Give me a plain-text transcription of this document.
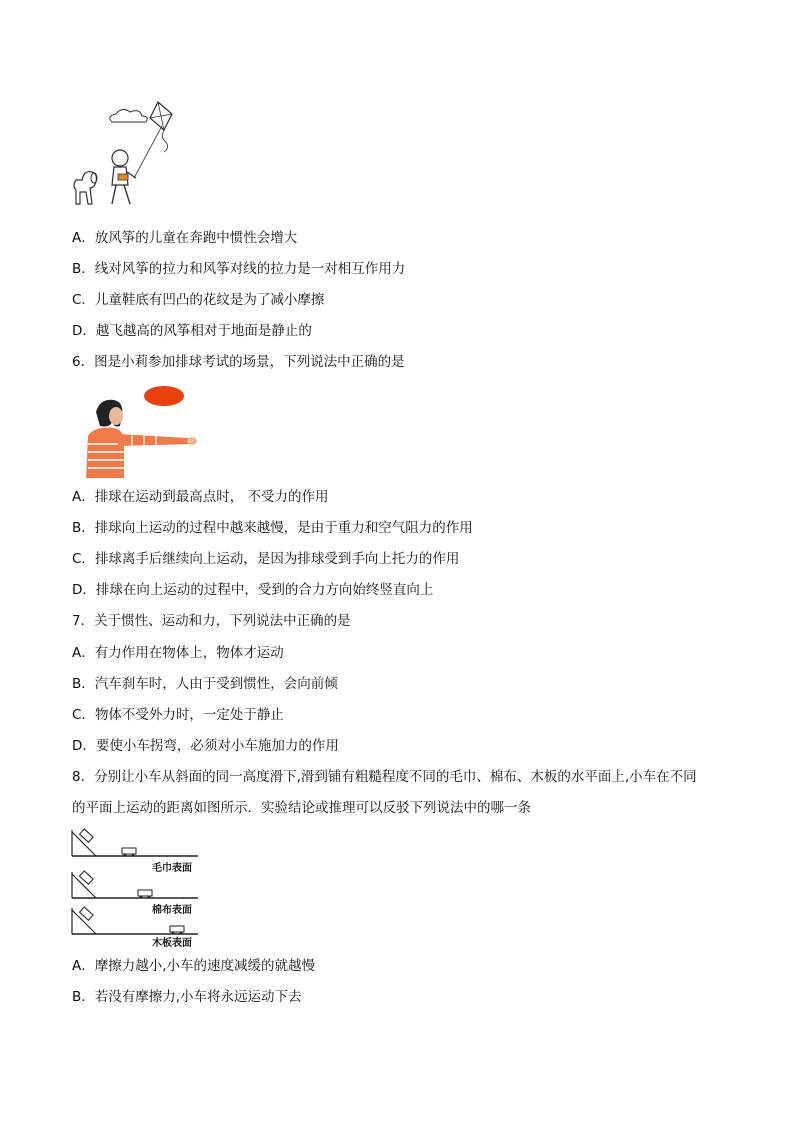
A．放风筝的儿童在奔跑中惯性会增大
B．线对风筝的拉力和风筝对线的拉力是一对相互作用力
C．儿童鞋底有凹凸的花纹是为了减小摩擦
D．越飞越高的风筝相对于地面是静止的
6．图是小莉参加排球考试的场景，下列说法中正确的是
A．排球在运动到最高点时， 不受力的作用
B．排球向上运动的过程中越来越慢，是由于重力和空气阻力的作用
C．排球离手后继续向上运动，是因为排球受到手向上托力的作用
D．排球在向上运动的过程中，受到的合力方向始终竖直向上
7．关于惯性、运动和力，下列说法中正确的是
A．有力作用在物体上，物体才运动
B．汽车刹车时，人由于受到惯性，会向前倾
C．物体不受外力时，一定处于静止
D．要使小车拐弯，必须对小车施加力的作用
8．分别让小车从斜面的同一高度滑下,滑到铺有粗糙程度不同的毛巾、棉布、木板的水平面上,小车在不同
的平面上运动的距离如图所示．实验结论或推理可以反驳下列说法中的哪一条
毛巾表面
棉布表面
木板表面
A．摩擦力越小,小车的速度减缓的就越慢
B．若没有摩擦力,小车将永远运动下去
